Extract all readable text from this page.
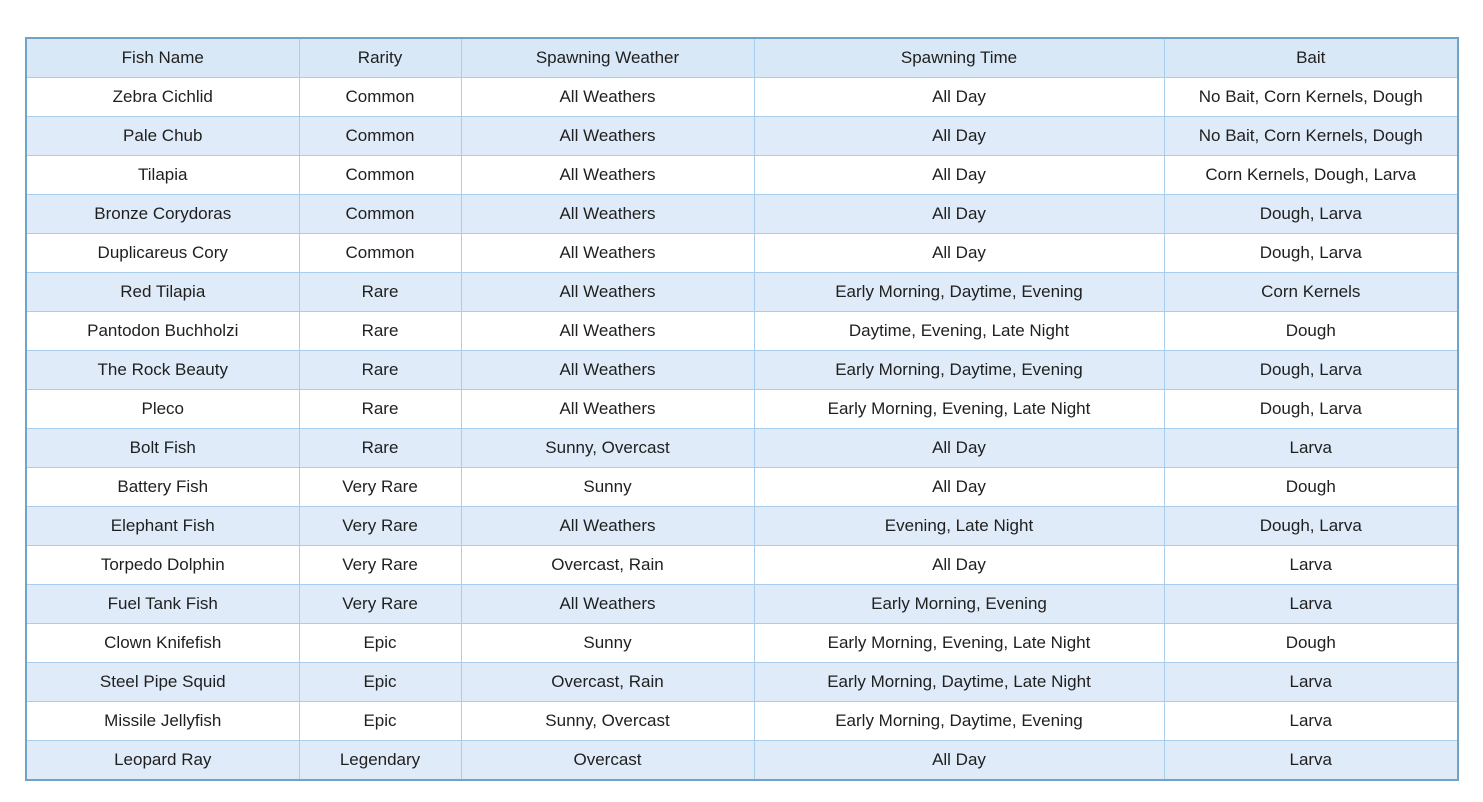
Fish Name	Rarity	Spawning Weather	Spawning Time	Bait
Zebra Cichlid	Common	All Weathers	All Day	No Bait, Corn Kernels, Dough
Pale Chub	Common	All Weathers	All Day	No Bait, Corn Kernels, Dough
Tilapia	Common	All Weathers	All Day	Corn Kernels, Dough, Larva
Bronze Corydoras	Common	All Weathers	All Day	Dough, Larva
Duplicareus Cory	Common	All Weathers	All Day	Dough, Larva
Red Tilapia	Rare	All Weathers	Early Morning, Daytime, Evening	Corn Kernels
Pantodon Buchholzi	Rare	All Weathers	Daytime, Evening, Late Night	Dough
The Rock Beauty	Rare	All Weathers	Early Morning, Daytime, Evening	Dough, Larva
Pleco	Rare	All Weathers	Early Morning, Evening, Late Night	Dough, Larva
Bolt Fish	Rare	Sunny, Overcast	All Day	Larva
Battery Fish	Very Rare	Sunny	All Day	Dough
Elephant Fish	Very Rare	All Weathers	Evening, Late Night	Dough, Larva
Torpedo Dolphin	Very Rare	Overcast, Rain	All Day	Larva
Fuel Tank Fish	Very Rare	All Weathers	Early Morning, Evening	Larva
Clown Knifefish	Epic	Sunny	Early Morning, Evening, Late Night	Dough
Steel Pipe Squid	Epic	Overcast, Rain	Early Morning, Daytime, Late Night	Larva
Missile Jellyfish	Epic	Sunny, Overcast	Early Morning, Daytime, Evening	Larva
Leopard Ray	Legendary	Overcast	All Day	Larva
